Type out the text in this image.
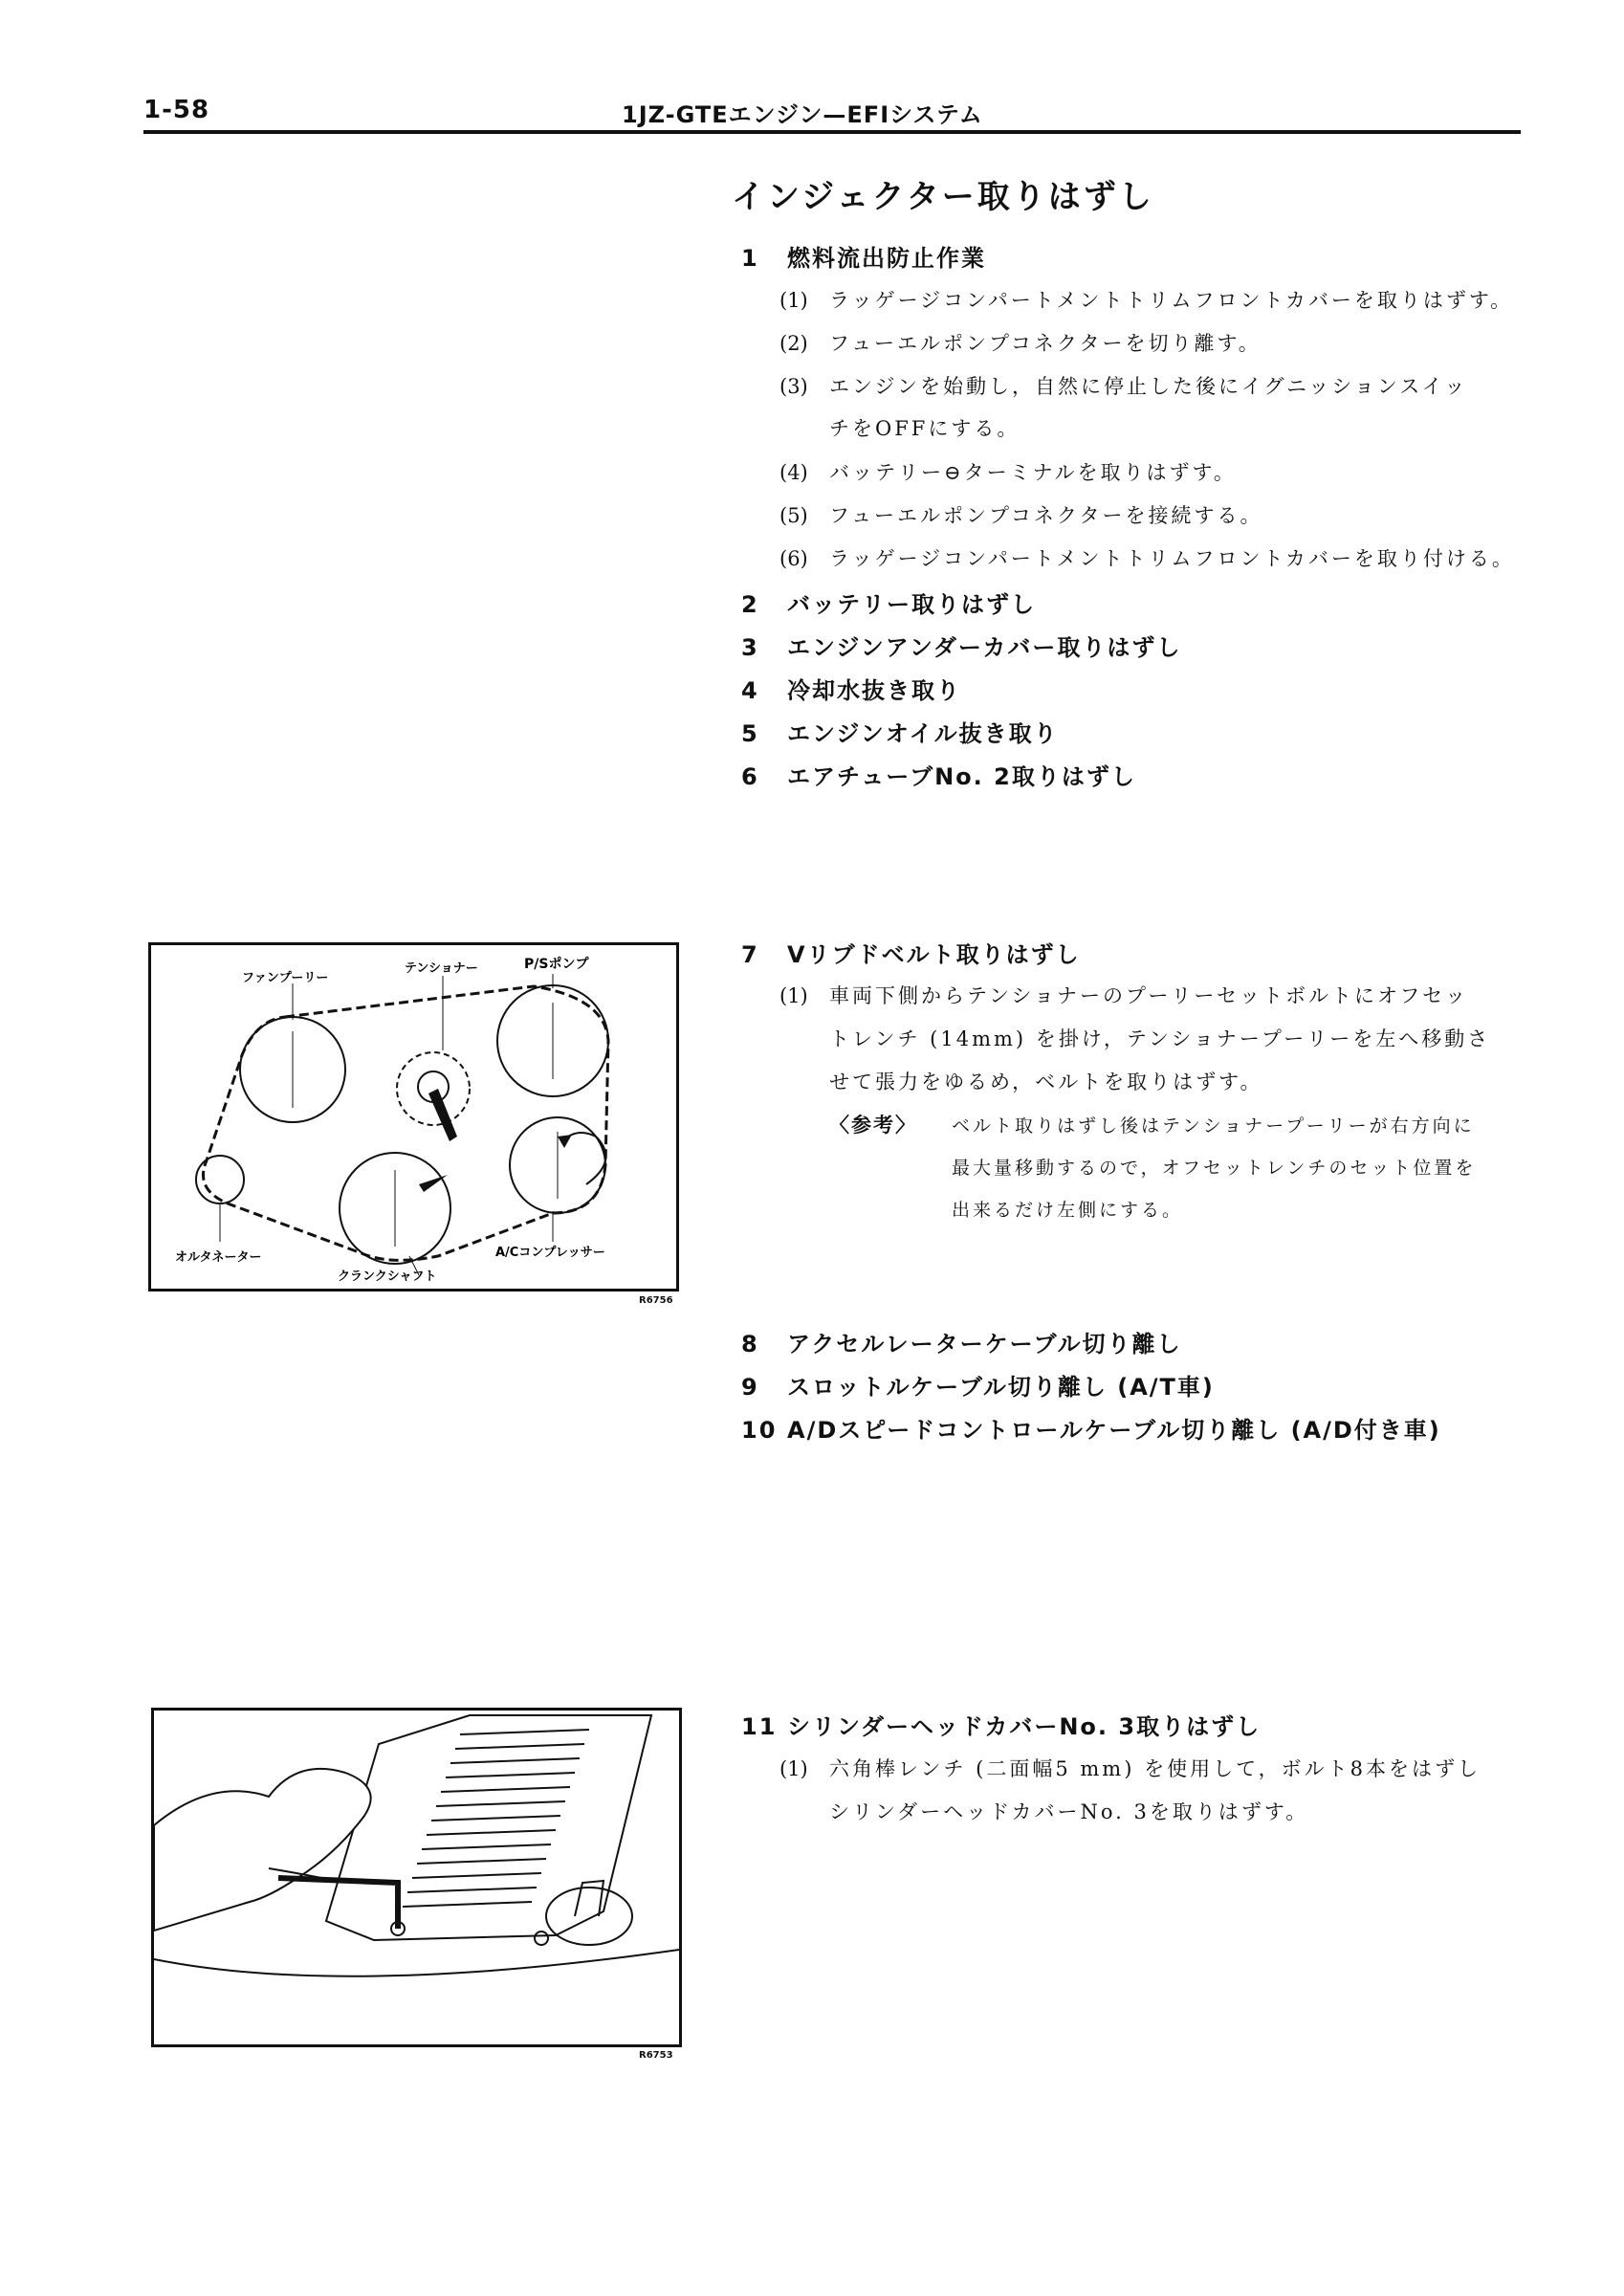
1-58	1JZ-GTEエンジン—EFIシステム
インジェクター取りはずし
1 燃料流出防止作業
(1) ラッゲージコンパートメントトリムフロントカバーを取りはずす。
(2) フューエルポンプコネクターを切り離す。
(3) エンジンを始動し，自然に停止した後にイグニッションスイッ
チをOFFにする。
(4) バッテリー⊖ターミナルを取りはずす。
(5) フューエルポンプコネクターを接続する。
(6) ラッゲージコンパートメントトリムフロントカバーを取り付ける。
2 バッテリー取りはずし
3 エンジンアンダーカバー取りはずし
4 冷却水抜き取り
5 エンジンオイル抜き取り
6 エアチューブNo. 2取りはずし
ファンプーリー
テンショナー	P/Sポンプ
オルタネーター
クランクシャフト
A/Cコンプレッサー
R6756
7 Vリブドベルト取りはずし
(1) 車両下側からテンショナーのプーリーセットボルトにオフセッ
トレンチ (14mm) を掛け，テンショナープーリーを左へ移動さ
せて張力をゆるめ，ベルトを取りはずす。
〈参考〉 ベルト取りはずし後はテンショナープーリーが右方向に
最大量移動するので，オフセットレンチのセット位置を
出来るだけ左側にする。
8 アクセルレーターケーブル切り離し
9 スロットルケーブル切り離し (A/T車)
10 A/Dスピードコントロールケーブル切り離し (A/D付き車)
R6753
11 シリンダーヘッドカバーNo. 3取りはずし
(1) 六角棒レンチ (二面幅5 mm) を使用して，ボルト8本をはずし
シリンダーヘッドカバーNo. 3を取りはずす。
